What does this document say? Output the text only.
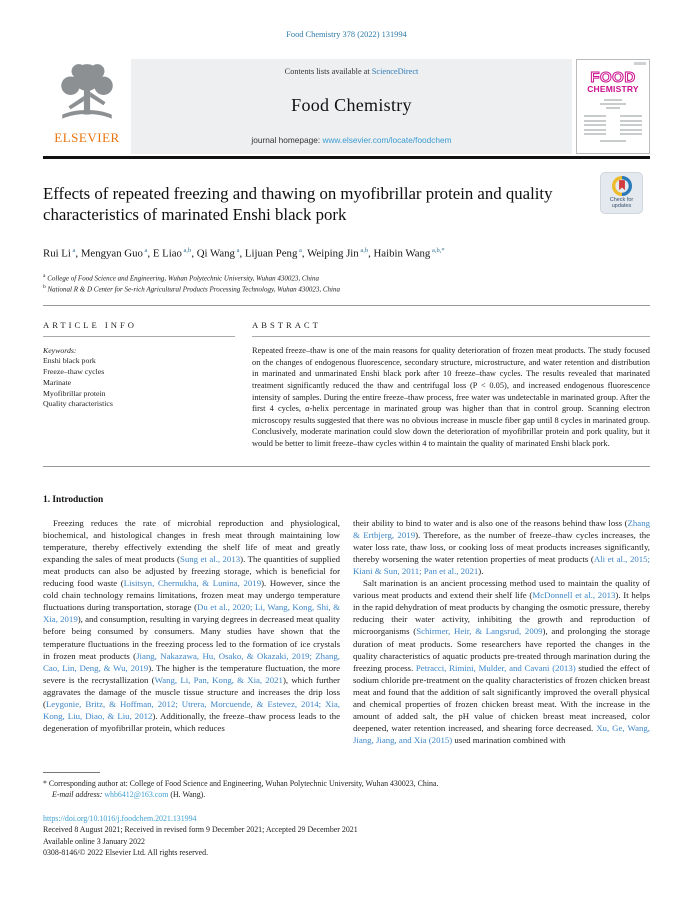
Food Chemistry 378 (2022) 131994
ELSEVIER
Contents lists available at ScienceDirect
Food Chemistry
journal homepage: www.elsevier.com/locate/foodchem
FOOD
CHEMISTRY
Effects of repeated freezing and thawing on myofibrillar protein and quality characteristics of marinated Enshi black pork
Check for
updates
Rui Li $^a$, Mengyan Guo $^a$, E Liao $^{a,b}$, Qi Wang $^a$, Lijuan Peng $^a$, Weiping Jin $^{a,b}$, Haibin Wang $^{a,b,*}$
$^a$ College of Food Science and Engineering, Wuhan Polytechnic University, Wuhan 430023, China
$^b$ National R & D Center for Se-rich Agricultural Products Processing Technology, Wuhan 430023, China
ARTICLE INFO
Keywords:
Enshi black pork
Freeze–thaw cycles
Marinate
Myofibrillar protein
Quality characteristics
ABSTRACT
Repeated freeze–thaw is one of the main reasons for quality deterioration of frozen meat products. The study focused on the changes of endogenous fluorescence, secondary structure, microstructure, and water retention and distribution in marinated and unmarinated Enshi black pork after 10 freeze–thaw cycles. The results revealed that marinated treatment significantly reduced the thaw and centrifugal loss (P < 0.05), and increased endogenous fluorescence intensity of samples. During the entire freeze–thaw process, free water was undetectable in marinated group. After the first 4 cycles, α-helix percentage in marinated group was higher than that in control group. Scanning electron microscopy results suggested that there was no obvious increase in muscle fiber gap until 8 cycles in marinated group. Conclusively, moderate marination could slow down the deterioration of myofibrillar protein and pork quality, but it would be better to limit freeze–thaw cycles within 4 to maintain the quality of marinated Enshi black pork.
1. Introduction
Freezing reduces the rate of microbial reproduction and physiological, biochemical, and histological changes in fresh meat through maintaining low temperature, thereby effectively extending the shelf life of meat and greatly expanding the sales of meat products (Sung et al., 2013). The quantities of supplied meat products can also be adjusted by freezing storage, which is beneficial for reducing food waste (Lisitsyn, Chernukha, & Lunina, 2019). However, since the cold chain technology remains limitations, frozen meat may undergo temperature fluctuations during transportation, storage (Du et al., 2020; Li, Wang, Kong, Shi, & Xia, 2019), and consumption, resulting in varying degrees in decreased meat quality before being consumed by consumers. Many studies have shown that the temperature fluctuations in the freezing process led to the formation of ice crystals in frozen meat products (Jiang, Nakazawa, Hu, Osako, & Okazaki, 2019; Zhang, Cao, Lin, Deng, & Wu, 2019). The higher is the temperature fluctuation, the more severe is the recrystallization (Wang, Li, Pan, Kong, & Xia, 2021), which further aggravates the damage of the muscle tissue structure and increases the drip loss (Leygonie, Britz, & Hoffman, 2012; Utrera, Morcuende, & Estevez, 2014; Xia, Kong, Liu, Diao, & Liu, 2012). Additionally, the freeze–thaw process leads to the degeneration of myofibrillar protein, which reduces
their ability to bind to water and is also one of the reasons behind thaw loss (Zhang & Ertbjerg, 2019). Therefore, as the number of freeze–thaw cycles increases, the water loss rate, thaw loss, or cooking loss of meat products increases significantly, thereby worsening the water retention properties of meat products (Ali et al., 2015; Kiani & Sun, 2011; Pan et al., 2021).
Salt marination is an ancient processing method used to maintain the quality of various meat products and extend their shelf life (McDonnell et al., 2013). It helps in the rapid dehydration of meat products by changing the osmotic pressure, thereby reducing their water activity, inhibiting the growth and reproduction of microorganisms (Schirmer, Heir, & Langsrud, 2009), and prolonging the storage duration of meat products. Some researchers have reported the changes in the quality characteristics of aquatic products pre-treated through marination during the freezing process. Petracci, Rimini, Mulder, and Cavani (2013) studied the effect of sodium chloride pre-treatment on the quality characteristics of frozen chicken breast meat and found that the addition of salt significantly improved the overall physical and chemical properties of frozen chicken breast meat. With the increase in the amount of added salt, the pH value of chicken breast meat increased, color deepened, water retention increased, and shearing force decreased. Xu, Ge, Wang, Jiang, Jiang, and Xia (2015) used marination combined with
* Corresponding author at: College of Food Science and Engineering, Wuhan Polytechnic University, Wuhan 430023, China.
E-mail address: whb6412@163.com (H. Wang).
https://doi.org/10.1016/j.foodchem.2021.131994
Received 8 August 2021; Received in revised form 9 December 2021; Accepted 29 December 2021
Available online 3 January 2022
0308-8146/© 2022 Elsevier Ltd. All rights reserved.
